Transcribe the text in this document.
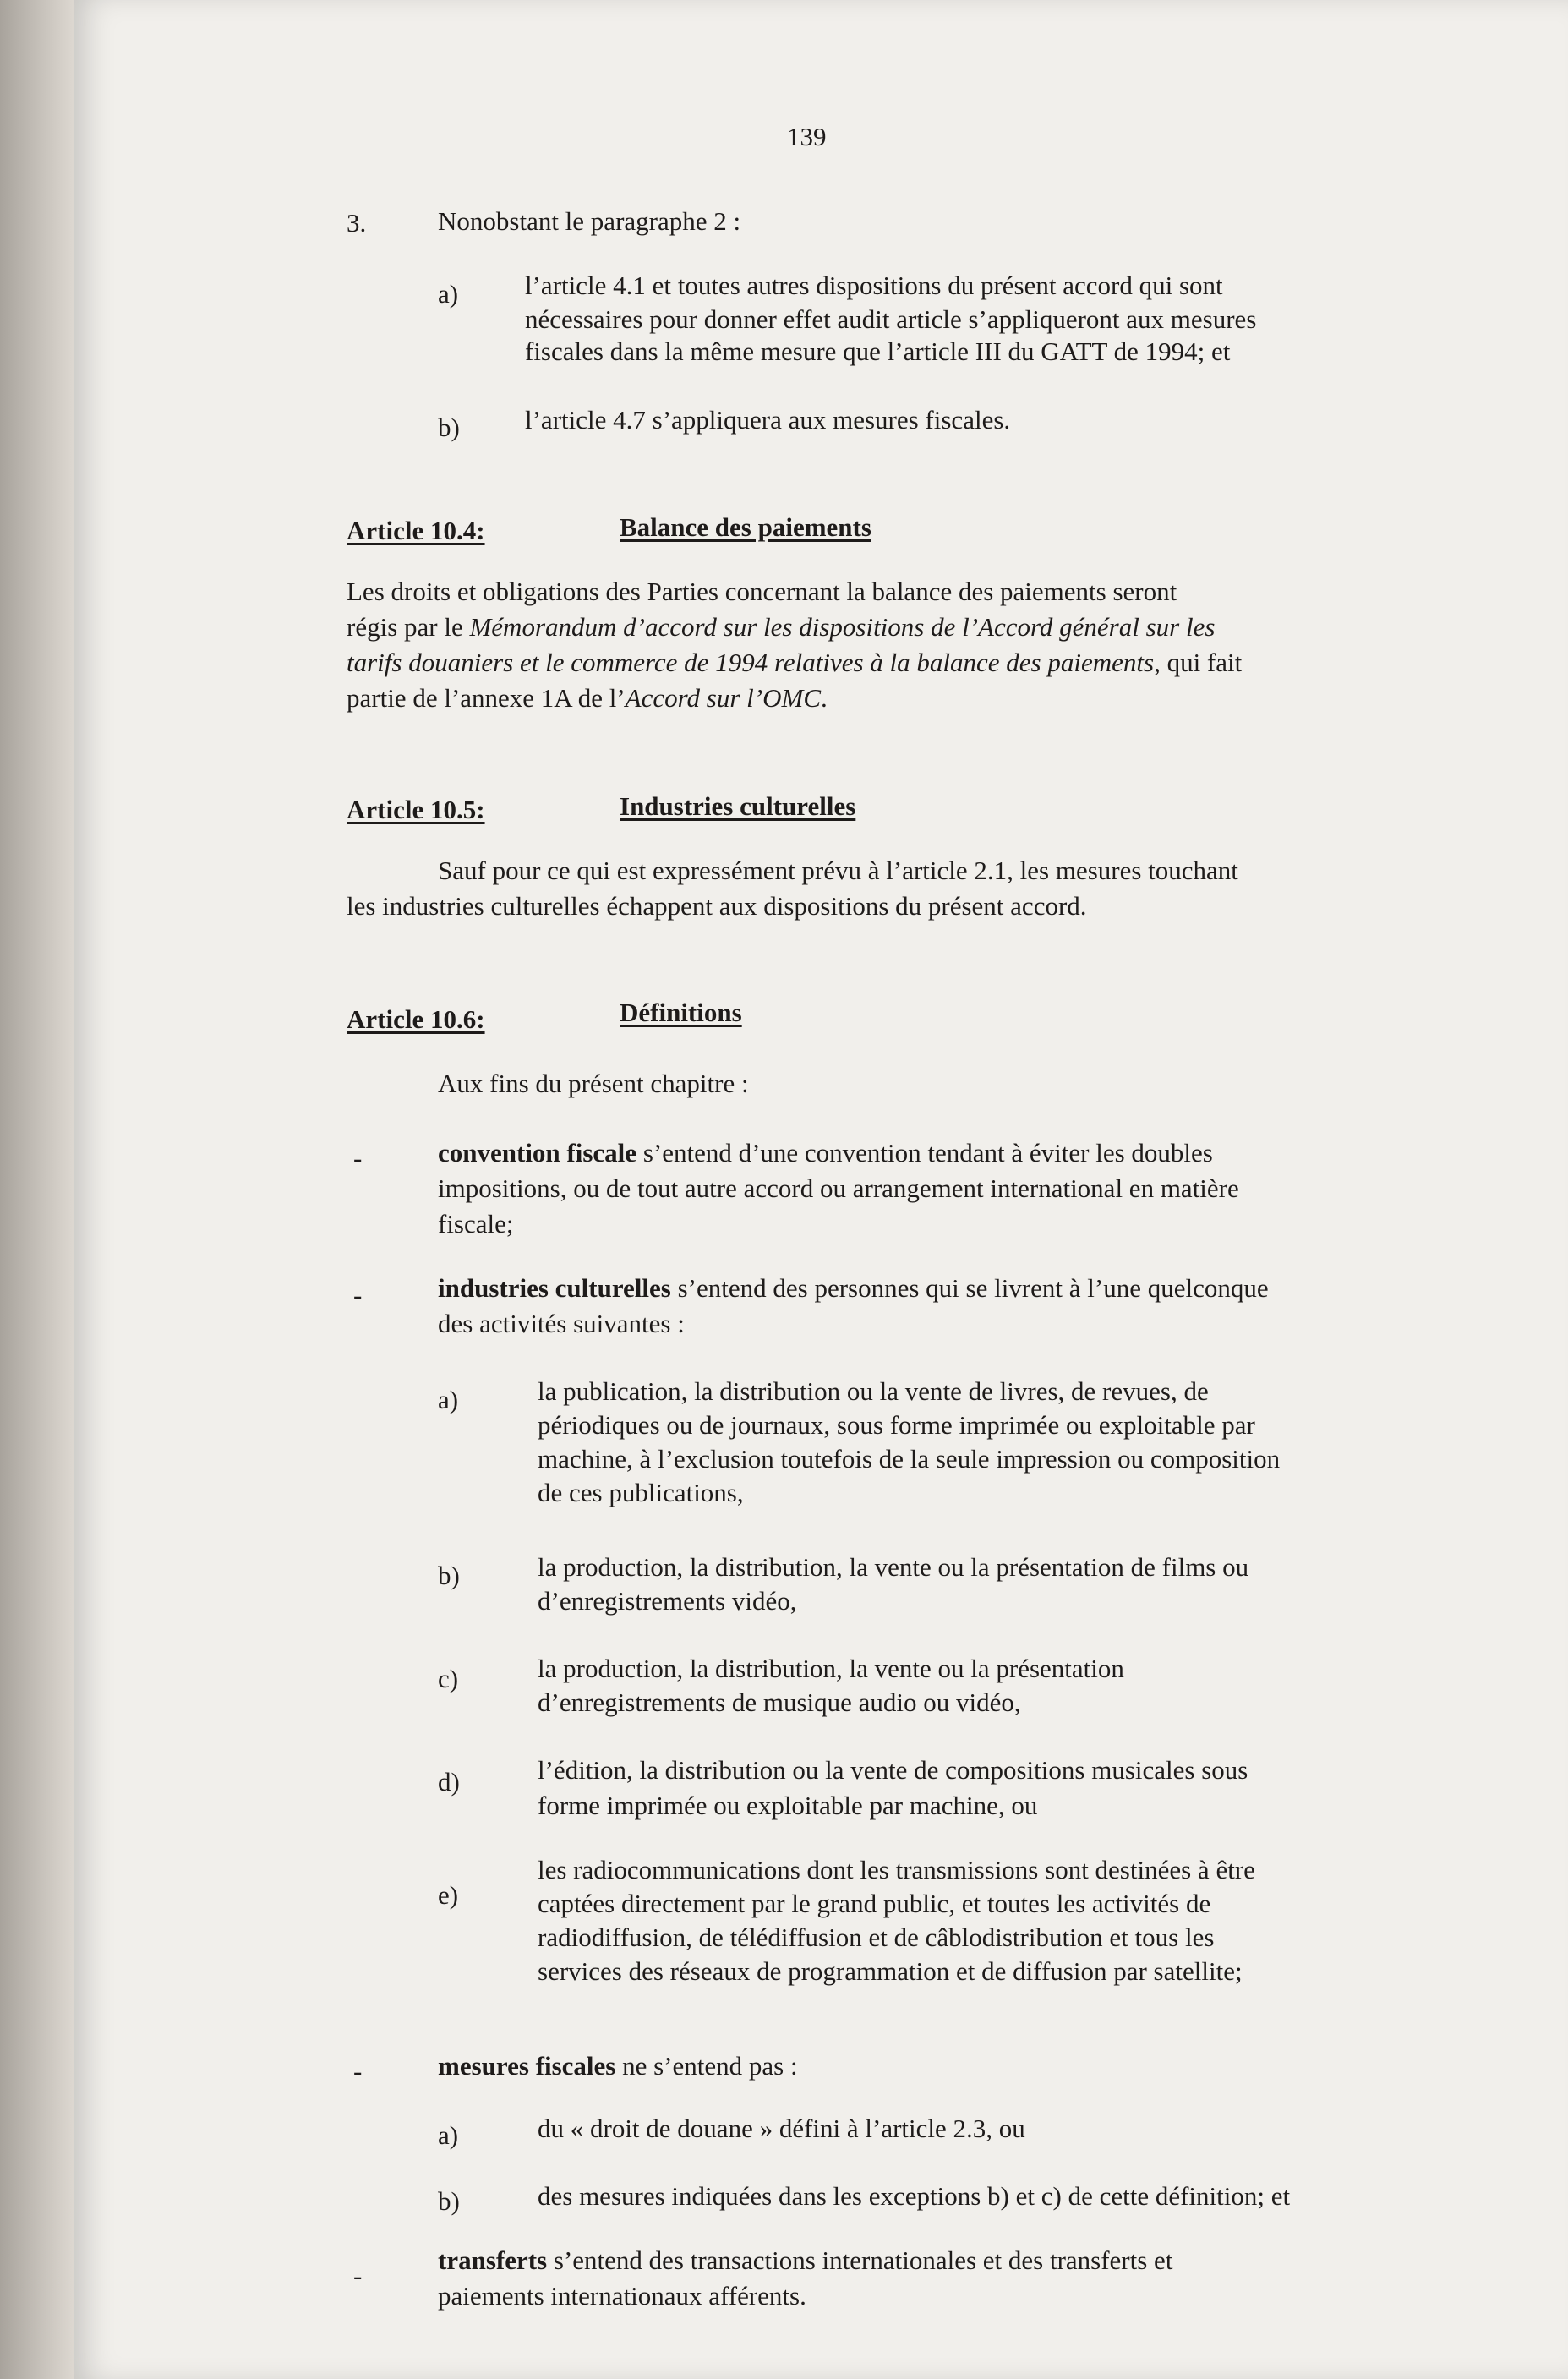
139
3.	Nonobstant le paragraphe 2 :
a)	l’article 4.1 et toutes autres dispositions du présent accord qui sont
nécessaires pour donner effet audit article s’appliqueront aux mesures
fiscales dans la même mesure que l’article III du GATT de 1994; et
b) l’article 4.7 s’appliquera aux mesures fiscales.
Article 10.4:	Balance des paiements
Les droits et obligations des Parties concernant la balance des paiements seront
régis par le Mémorandum d’accord sur les dispositions de l’Accord général sur les
tarifs douaniers et le commerce de 1994 relatives à la balance des paiements, qui fait
partie de l’annexe 1A de l’Accord sur l’OMC.
Article 10.5:	Industries culturelles
Sauf pour ce qui est expressément prévu à l’article 2.1, les mesures touchant
les industries culturelles échappent aux dispositions du présent accord.
Article 10.6:	Définitions
Aux fins du présent chapitre :
-	convention fiscale s’entend d’une convention tendant à éviter les doubles
impositions, ou de tout autre accord ou arrangement international en matière
fiscale;
-	industries culturelles s’entend des personnes qui se livrent à l’une quelconque
des activités suivantes :
a)	la publication, la distribution ou la vente de livres, de revues, de
périodiques ou de journaux, sous forme imprimée ou exploitable par
machine, à l’exclusion toutefois de la seule impression ou composition
de ces publications,
b)	la production, la distribution, la vente ou la présentation de films ou
d’enregistrements vidéo,
c)	la production, la distribution, la vente ou la présentation
d’enregistrements de musique audio ou vidéo,
d)	l’édition, la distribution ou la vente de compositions musicales sous
forme imprimée ou exploitable par machine, ou
e)
les radiocommunications dont les transmissions sont destinées à être
captées directement par le grand public, et toutes les activités de
radiodiffusion, de télédiffusion et de câblodistribution et tous les
services des réseaux de programmation et de diffusion par satellite;
-	mesures fiscales ne s’entend pas :
a)	du « droit de douane » défini à l’article 2.3, ou
b)	des mesures indiquées dans les exceptions b) et c) de cette définition; et
-
transferts s’entend des transactions internationales et des transferts et
paiements internationaux afférents.
